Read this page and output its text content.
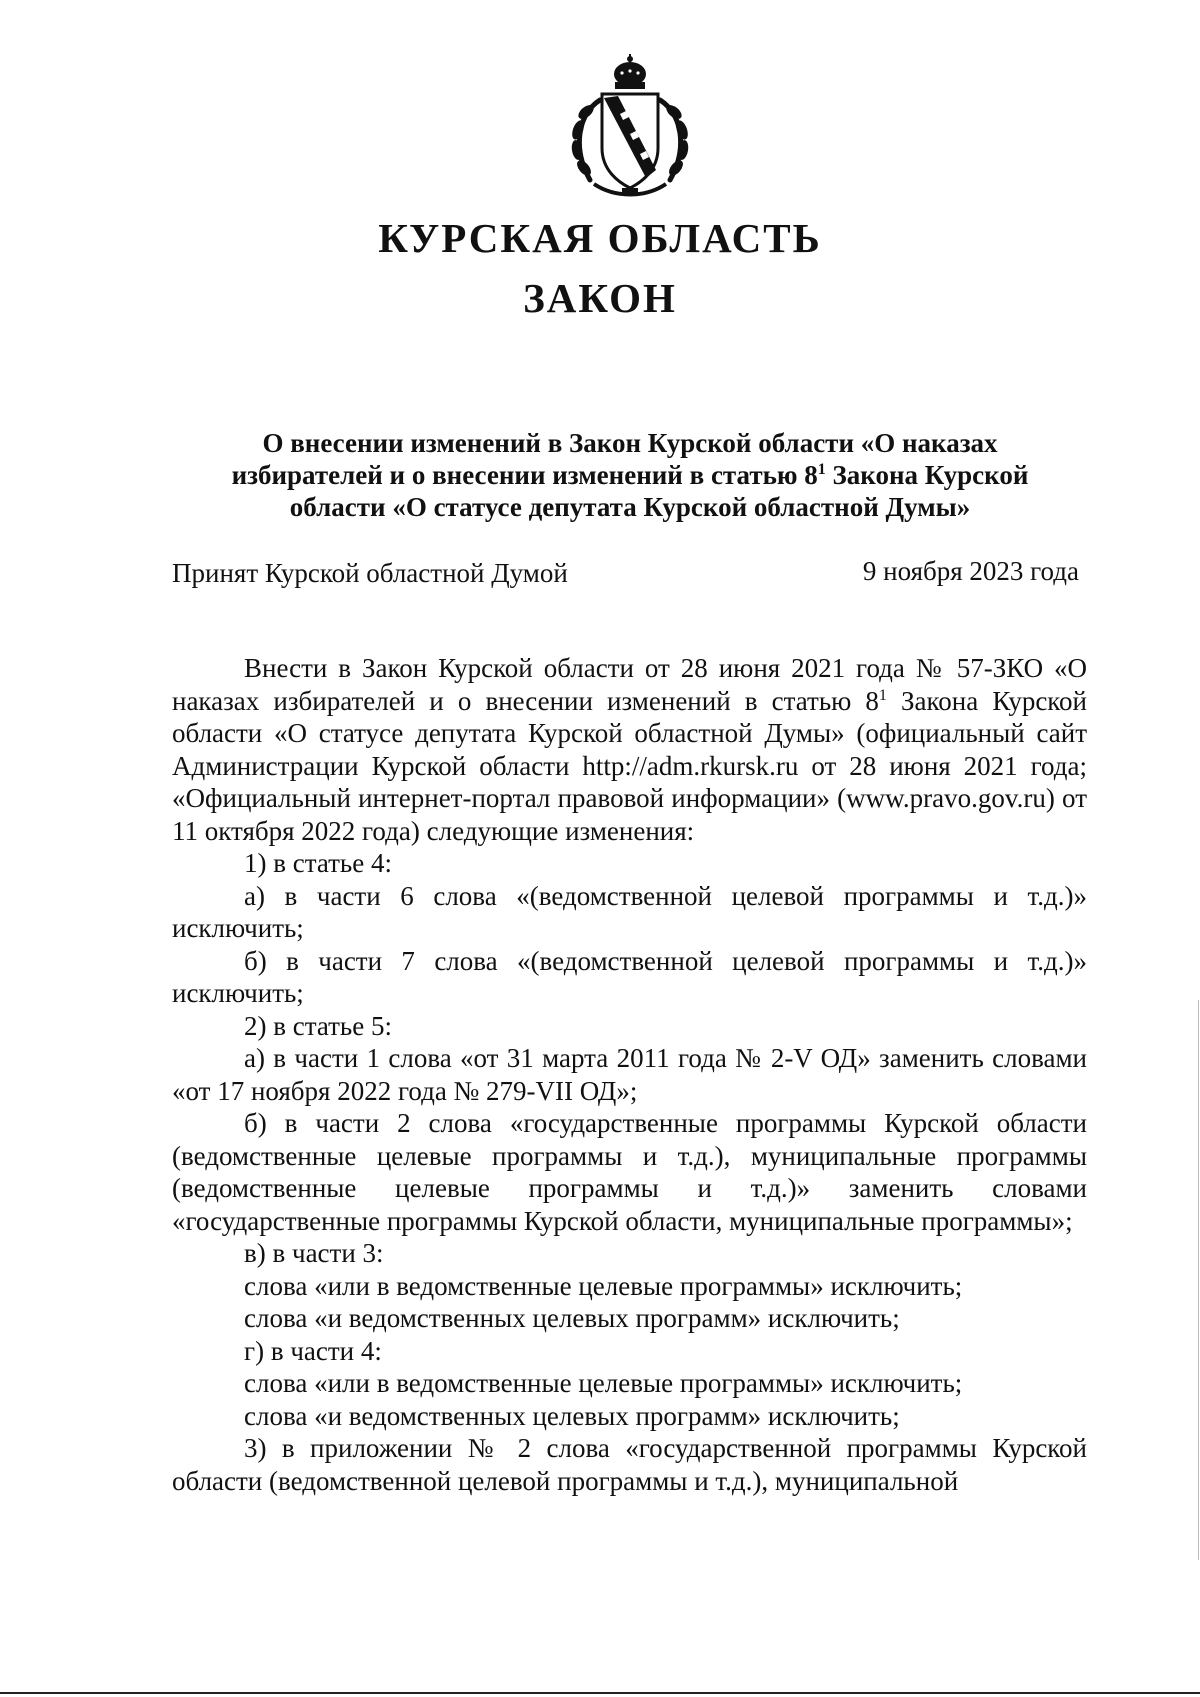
КУРСКАЯ ОБЛАСТЬ
ЗАКОН
О внесении изменений в Закон Курской области «О наказах
избирателей и о внесении изменений в статью $8^1$ Закона Курской
области «О статусе депутата Курской областной Думы»
Принят Курской областной Думой	9 ноября 2023 года

Внести в Закон Курской области от 28 июня 2021 года № 57-ЗКО «О наказах избирателей и о внесении изменений в статью $8^1$ Закона Курской области «О статусе депутата Курской областной Думы» (официальный сайт Администрации Курской области http://adm.rkursk.ru от 28 июня 2021 года; «Официальный интернет-портал правовой информации» (www.pravo.gov.ru) от 11 октября 2022 года) следующие изменения:

1) в статье 4:

а) в части 6 слова «(ведомственной целевой программы и т.д.)» исключить;

б) в части 7 слова «(ведомственной целевой программы и т.д.)» исключить;

2) в статье 5:

а) в части 1 слова «от 31 марта 2011 года № 2-V ОД» заменить словами «от 17 ноября 2022 года № 279-VII ОД»;

б) в части 2 слова «государственные программы Курской области (ведомственные целевые программы и т.д.), муниципальные программы (ведомственные целевые программы и т.д.)» заменить словами «государственные программы Курской области, муниципальные программы»;

в) в части 3:

слова «или в ведомственные целевые программы» исключить;

слова «и ведомственных целевых программ» исключить;

г) в части 4:

слова «или в ведомственные целевые программы» исключить;

слова «и ведомственных целевых программ» исключить;

3) в приложении № 2 слова «государственной программы Курской области (ведомственной целевой программы и т.д.), муниципальной
